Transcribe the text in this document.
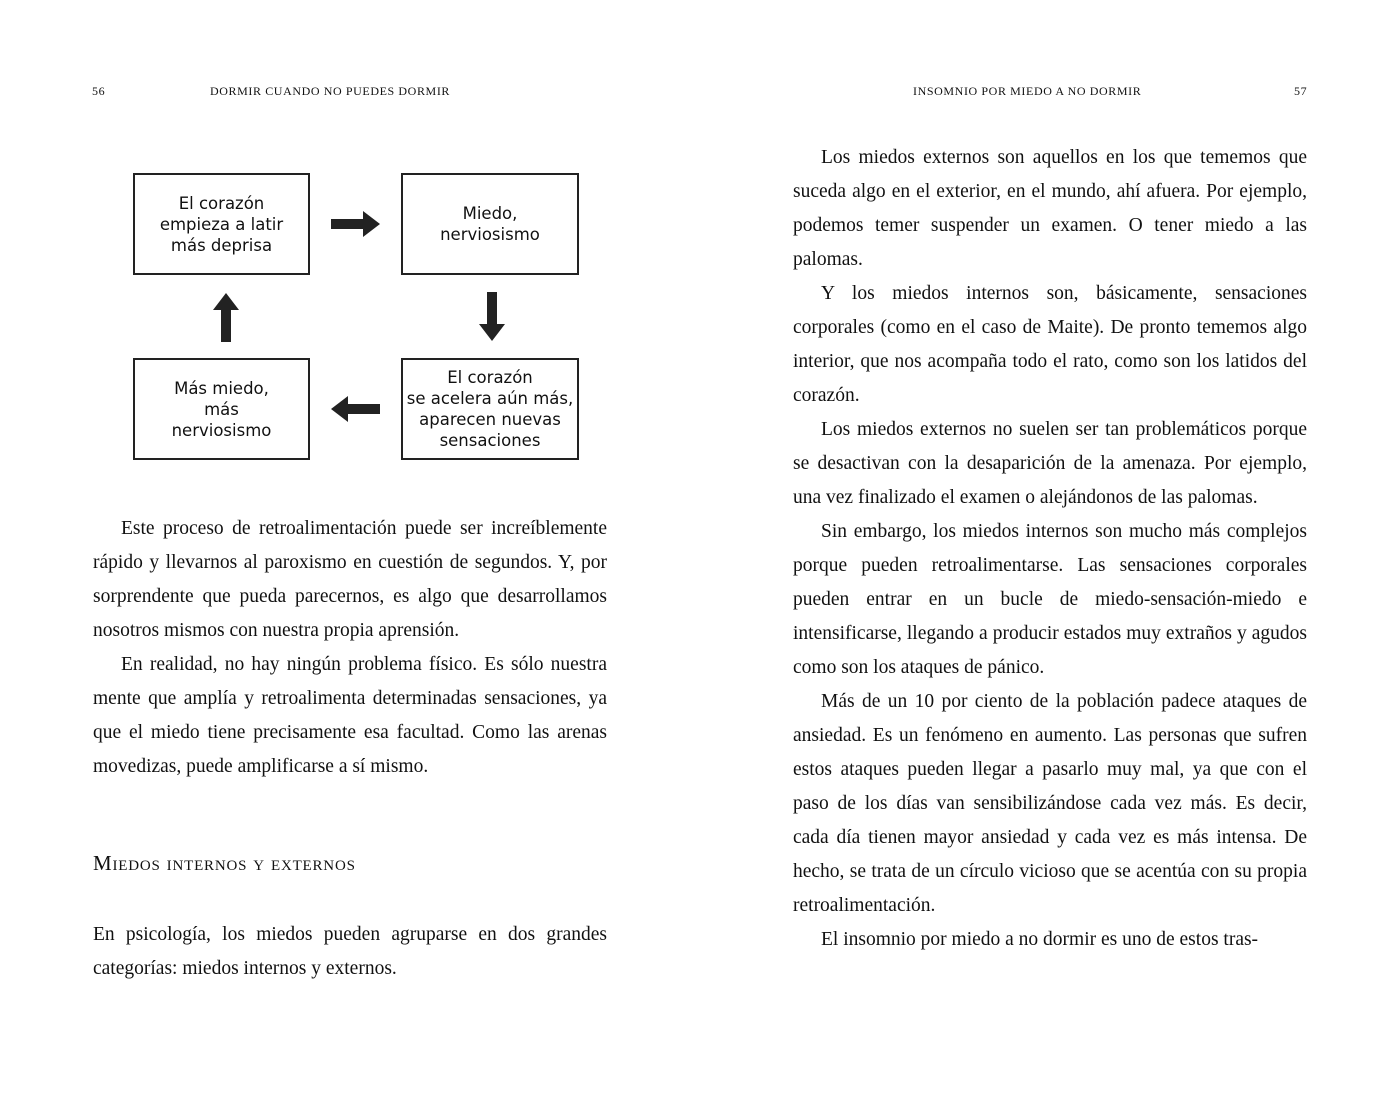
56	DORMIR CUANDO NO PUEDES DORMIR
El corazón
empieza a latir
más deprisa
Miedo,
nerviosismo
El corazón
se acelera aún más,
aparecen nuevas
sensaciones
Más miedo,
más
nerviosismo

Este proceso de retroalimentación puede ser increíblemente rápido y llevarnos al paroxismo en cuestión de segundos. Y, por sorprendente que pueda parecernos, es algo que desarrollamos nosotros mismos con nuestra propia aprensión.

En realidad, no hay ningún problema físico. Es sólo nuestra mente que amplía y retroalimenta determinadas sensaciones, ya que el miedo tiene precisamente esa facultad. Como las arenas movedizas, puede amplificarse a sí mismo.

Miedos internos y externos

En psicología, los miedos pueden agruparse en dos grandes categorías: miedos internos y externos.

INSOMNIO POR MIEDO A NO DORMIR	57

Los miedos externos son aquellos en los que tememos que suceda algo en el exterior, en el mundo, ahí afuera. Por ejemplo, podemos temer suspender un examen. O tener miedo a las palomas.

Y los miedos internos son, básicamente, sensaciones corporales (como en el caso de Maite). De pronto tememos algo interior, que nos acompaña todo el rato, como son los latidos del corazón.

Los miedos externos no suelen ser tan problemáticos porque se desactivan con la desaparición de la amenaza. Por ejemplo, una vez finalizado el examen o alejándonos de las palomas.

Sin embargo, los miedos internos son mucho más complejos porque pueden retroalimentarse. Las sensaciones corporales pueden entrar en un bucle de miedo-sensación-miedo e intensificarse, llegando a producir estados muy extraños y agudos como son los ataques de pánico.

Más de un 10 por ciento de la población padece ataques de ansiedad. Es un fenómeno en aumento. Las personas que sufren estos ataques pueden llegar a pasarlo muy mal, ya que con el paso de los días van sensibilizándose cada vez más. Es decir, cada día tienen mayor ansiedad y cada vez es más intensa. De hecho, se trata de un círculo vicioso que se acentúa con su propia retroalimentación.

El insomnio por miedo a no dormir es uno de estos tras-
